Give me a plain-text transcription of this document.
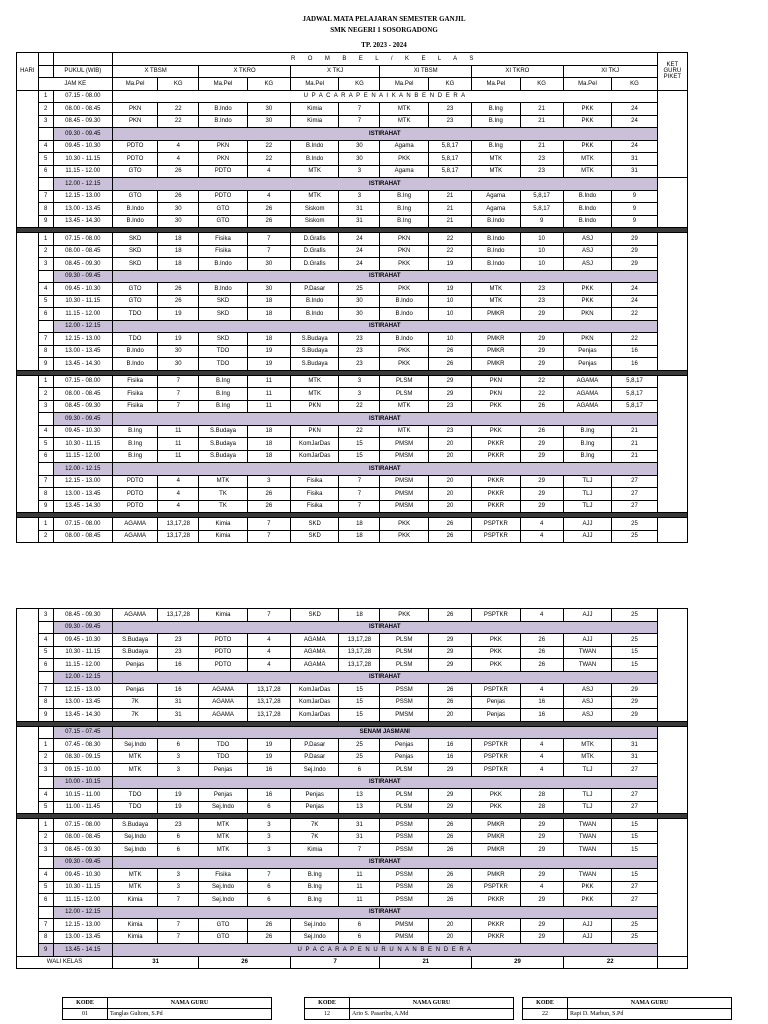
JADWAL MATA PELAJARAN SEMESTER GANJIL
SMK NEGERI 1 SOSORGADONG
TP. 2023 - 2024
HARI			R O M B E L / K E L A S												KET GURU PIKET
		PUKUL (WIB)	X TBSM		X TKRO		X TKJ		XI TBSM		XI TKRO		XI TKJ		
	JAM KE		Ma.Pel	KG	Ma.Pel	KG	Ma.Pel	KG	Ma.Pel	KG	Ma.Pel	KG	Ma.Pel	KG	
	1	07.15 - 08.00	U P A C A R A P E N A I K A N B E N D E R A												
	2	08.00 - 08.45	PKN	22	B.Indo	30	Kimia	7	MTK	23	B.Ing	21	PKK	24	
	3	08.45 - 09.30	PKN	22	B.Indo	30	Kimia	7	MTK	23	B.Ing	21	PKK	24	
		09.30 - 09.45	ISTIRAHAT												
	4	09.45 - 10.30	PDTO	4	PKN	22	B.Indo	30	Agama	5,8,17	B.Ing	21	PKK	24	
	5	10.30 - 11.15	PDTO	4	PKN	22	B.Indo	30	PKK	5,8,17	MTK	23	MTK	31	
	6	11.15 - 12.00	GTO	26	PDTO	4	MTK	3	Agama	5,8,17	MTK	23	MTK	31	
		12.00 - 12.15	ISTIRAHAT												
	7	12.15 - 13.00	GTO	26	PDTO	4	MTK	3	B.Ing	21	Agama	5,8,17	B.Indo	9	
	8	13.00 - 13.45	B.Indo	30	GTO	26	Siskom	31	B.Ing	21	Agama	5,8,17	B.Indo	9	
	9	13.45 - 14.30	B.Indo	30	GTO	26	Siskom	31	B.Ing	21	B.Indo	9	B.Indo	9	

	1	07.15 - 08.00	SKD	18	Fisika	7	D.Grafis	24	PKN	22	B.Indo	10	ASJ	29	
	2	08.00 - 08.45	SKD	18	Fisika	7	D.Grafis	24	PKN	22	B.Indo	10	ASJ	29	
	3	08.45 - 09.30	SKD	18	B.Indo	30	D.Grafis	24	PKK	19	B.Indo	10	ASJ	29	
		09.30 - 09.45	ISTIRAHAT												
	4	09.45 - 10.30	GTO	26	B.Indo	30	P.Dasar	25	PKK	19	MTK	23	PKK	24	
	5	10.30 - 11.15	GTO	26	SKD	18	B.Indo	30	B.Indo	10	MTK	23	PKK	24	
	6	11.15 - 12.00	TDO	19	SKD	18	B.Indo	30	B.Indo	10	PMKR	29	PKN	22	
		12.00 - 12.15	ISTIRAHAT												
	7	12.15 - 13.00	TDO	19	SKD	18	S.Budaya	23	B.Indo	10	PMKR	29	PKN	22	
	8	13.00 - 13.45	B.Indo	30	TDO	19	S.Budaya	23	PKK	26	PMKR	29	Penjas	16	
	9	13.45 - 14.30	B.Indo	30	TDO	19	S.Budaya	23	PKK	26	PMKR	29	Penjas	16	

	1	07.15 - 08.00	Fisika	7	B.Ing	11	MTK	3	PLSM	29	PKN	22	AGAMA	5,8,17	
	2	08.00 - 08.45	Fisika	7	B.Ing	11	MTK	3	PLSM	29	PKN	22	AGAMA	5,8,17	
	3	08.45 - 09.30	Fisika	7	B.Ing	11	PKN	22	MTK	23	PKK	26	AGAMA	5,8,17	
		09.30 - 09.45	ISTIRAHAT												
	4	09.45 - 10.30	B.Ing	11	S.Budaya	18	PKN	22	MTK	23	PKK	26	B.Ing	21	
	5	10.30 - 11.15	B.Ing	11	S.Budaya	18	KomJarDas	15	PMSM	20	PKKR	29	B.Ing	21	
	6	11.15 - 12.00	B.Ing	11	S.Budaya	18	KomJarDas	15	PMSM	20	PKKR	29	B.Ing	21	
		12.00 - 12.15	ISTIRAHAT												
	7	12.15 - 13.00	PDTO	4	MTK	3	Fisika	7	PMSM	20	PKKR	29	TLJ	27	
	8	13.00 - 13.45	PDTO	4	TK	26	Fisika	7	PMSM	20	PKKR	29	TLJ	27	
	9	13.45 - 14.30	PDTO	4	TK	26	Fisika	7	PMSM	20	PKKR	29	TLJ	27	

	1	07.15 - 08.00	AGAMA	13,17,28	Kimia	7	SKD	18	PKK	26	PSPTKR	4	AJJ	25	
	2	08.00 - 08.45	AGAMA	13,17,28	Kimia	7	SKD	18	PKK	26	PSPTKR	4	AJJ	25	
	3	08.45 - 09.30	AGAMA	13,17,28	Kimia	7	SKD	18	PKK	26	PSPTKR	4	AJJ	25	
		09.30 - 09.45	ISTIRAHAT												
	4	09.45 - 10.30	S.Budaya	23	PDTO	4	AGAMA	13,17,28	PLSM	29	PKK	26	AJJ	25	
	5	10.30 - 11.15	S.Budaya	23	PDTO	4	AGAMA	13,17,28	PLSM	29	PKK	26	TWAN	15	
	6	11.15 - 12.00	Penjas	16	PDTO	4	AGAMA	13,17,28	PLSM	29	PKK	26	TWAN	15	
		12.00 - 12.15	ISTIRAHAT												
	7	12.15 - 13.00	Penjas	16	AGAMA	13,17,28	KomJarDas	15	PSSM	26	PSPTKR	4	ASJ	29	
	8	13.00 - 13.45	7K	31	AGAMA	13,17,28	KomJarDas	15	PSSM	26	Penjas	16	ASJ	29	
	9	13.45 - 14.30	7K	31	AGAMA	13,17,28	KomJarDas	15	PMSM	20	Penjas	16	ASJ	29	

		07.15 - 07.45	SENAM JASMANI												
	1	07.45 - 08.30	Sej.Indo	6	TDO	19	P.Dasar	25	Penjas	16	PSPTKR	4	MTK	31	
	2	08.30 - 09.15	MTK	3	TDO	19	P.Dasar	25	Penjas	16	PSPTKR	4	MTK	31	
	3	09.15 - 10.00	MTK	3	Penjas	16	Sej.Indo	6	PLSM	29	PSPTKR	4	TLJ	27	
		10.00 - 10.15	ISTIRAHAT												
	4	10.15 - 11.00	TDO	19	Penjas	16	Penjas	13	PLSM	29	PKK	28	TLJ	27	
	5	11.00 - 11.45	TDO	19	Sej.Indo	6	Penjas	13	PLSM	29	PKK	28	TLJ	27	

	1	07.15 - 08.00	S.Budaya	23	MTK	3	7K	31	PSSM	26	PMKR	29	TWAN	15	
	2	08.00 - 08.45	Sej.Indo	6	MTK	3	7K	31	PSSM	26	PMKR	29	TWAN	15	
	3	08.45 - 09.30	Sej.Indo	6	MTK	3	Kimia	7	PSSM	26	PMKR	29	TWAN	15	
		09.30 - 09.45	ISTIRAHAT												
	4	09.45 - 10.30	MTK	3	Fisika	7	B.Ing	11	PSSM	26	PMKR	29	TWAN	15	
	5	10.30 - 11.15	MTK	3	Sej.Indo	6	B.Ing	11	PSSM	26	PSPTKR	4	PKK	27	
	6	11.15 - 12.00	Kimia	7	Sej.Indo	6	B.Ing	11	PSSM	26	PKKR	29	PKK	27	
		12.00 - 12.15	ISTIRAHAT												
	7	12.15 - 13.00	Kimia	7	GTO	26	Sej.Indo	6	PMSM	20	PKKR	29	AJJ	25	
	8	13.00 - 13.45	Kimia	7	GTO	26	Sej.Indo	6	PMSM	20	PKKR	29	AJJ	25	
	9	13.45 - 14.15	U P A C A R A P E N U R U N A N B E N D E R A												
WALI KELAS			31		26		7		21		29		22		
KODE	NAMA GURU
01	Tanglas Gultom, S.Pd
KODE	NAMA GURU
12	Ario S. Pasaribu, A.Md
KODE	NAMA GURU
22	Rapi D. Marbun, S.Pd
